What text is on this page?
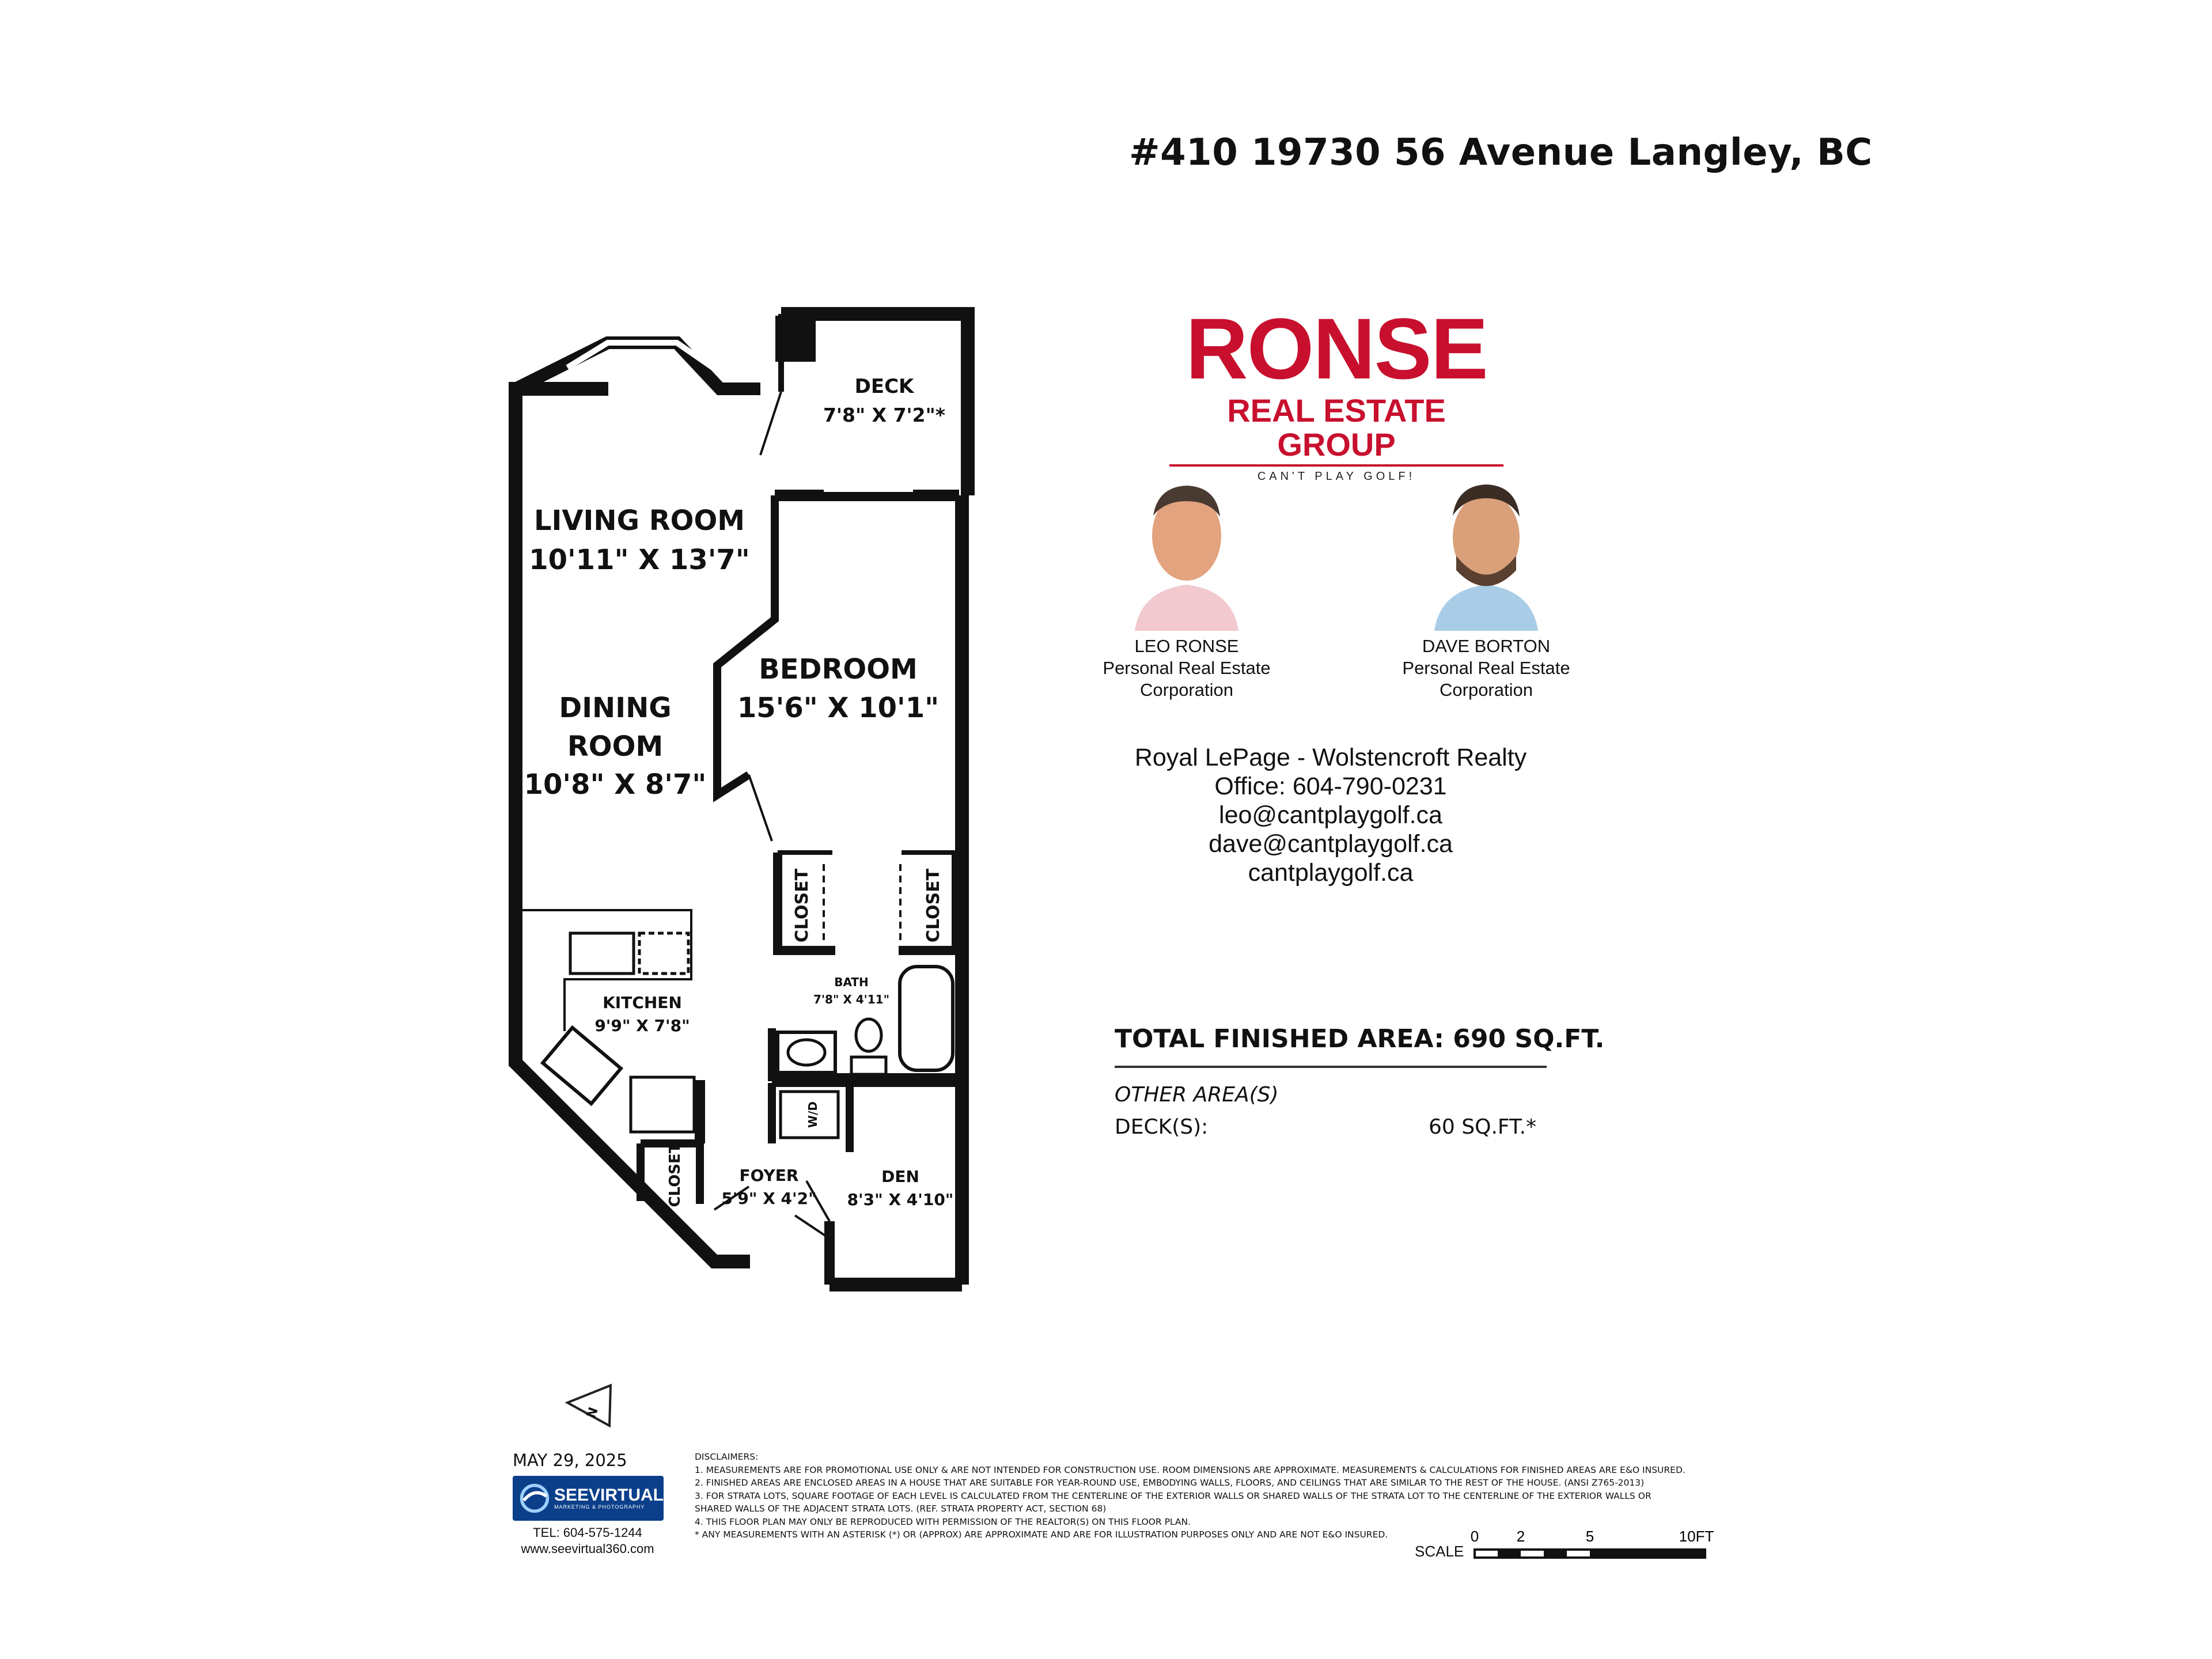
DECK
7'8" X 7'2"*
LIVING ROOM
10'11" X 13'7"
DINING
ROOM
10'8" X 8'7"
BEDROOM
15'6" X 10'1"
CLOSET	CLOSET
KITCHEN
9'9" X 7'8"
BATH
7'8" X 4'11"
W/D
CLOSET	FOYER
5'9" X 4'2"
DEN
8'3" X 4'10"
N
0	2	5	10FT
#410 19730 56 Avenue Langley, BC
RONSE
REAL ESTATE GROUP
CAN'T PLAY GOLF!
LEO RONSE
Personal Real Estate Corporation
DAVE BORTON
Personal Real Estate Corporation
Royal LePage - Wolstencroft Realty
Office: 604-790-0231
leo@cantplaygolf.ca
dave@cantplaygolf.ca
cantplaygolf.ca
TOTAL FINISHED AREA: 690 SQ.FT.
OTHER AREA(S)
DECK(S):	60 SQ.FT.*
MAY 29, 2025
SEEVIRTUAL
MARKETING & PHOTOGRAPHY
TEL: 604-575-1244
www.seevirtual360.com
DISCLAIMERS:
1. MEASUREMENTS ARE FOR PROMOTIONAL USE ONLY & ARE NOT INTENDED FOR CONSTRUCTION USE. ROOM DIMENSIONS ARE APPROXIMATE. MEASUREMENTS & CALCULATIONS FOR FINISHED AREAS ARE E&O INSURED.
2. FINISHED AREAS ARE ENCLOSED AREAS IN A HOUSE THAT ARE SUITABLE FOR YEAR-ROUND USE, EMBODYING WALLS, FLOORS, AND CEILINGS THAT ARE SIMILAR TO THE REST OF THE HOUSE. (ANSI Z765-2013)
3. FOR STRATA LOTS, SQUARE FOOTAGE OF EACH LEVEL IS CALCULATED FROM THE CENTERLINE OF THE EXTERIOR WALLS OR SHARED WALLS OF THE STRATA LOT TO THE CENTERLINE OF THE EXTERIOR WALLS OR
SHARED WALLS OF THE ADJACENT STRATA LOTS. (REF. STRATA PROPERTY ACT, SECTION 68)
4. THIS FLOOR PLAN MAY ONLY BE REPRODUCED WITH PERMISSION OF THE REALTOR(S) ON THIS FLOOR PLAN.
* ANY MEASUREMENTS WITH AN ASTERISK (*) OR (APPROX) ARE APPROXIMATE AND ARE FOR ILLUSTRATION PURPOSES ONLY AND ARE NOT E&O INSURED.
SCALE
